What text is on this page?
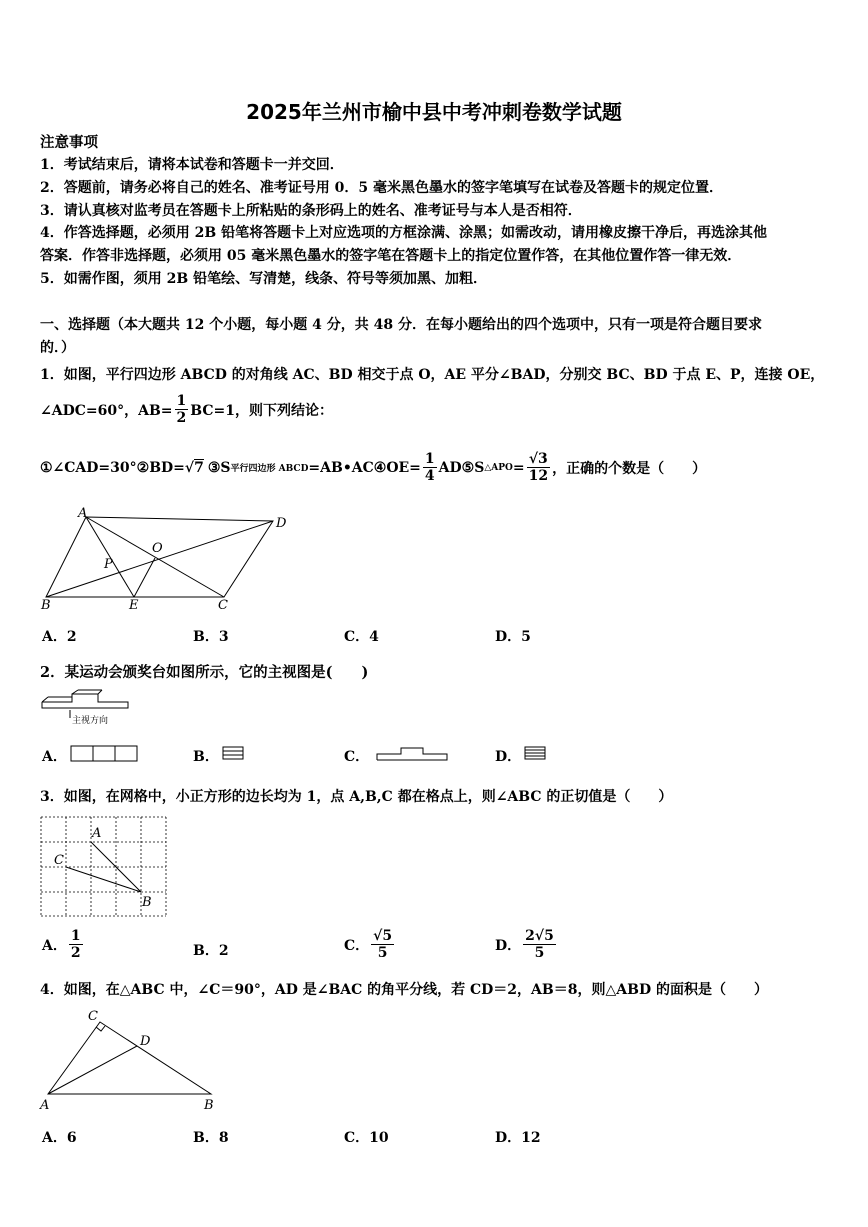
2025年兰州市榆中县中考冲刺卷数学试题
注意事项
1．考试结束后，请将本试卷和答题卡一并交回．
2．答题前，请务必将自己的姓名、准考证号用 0．5 毫米黑色墨水的签字笔填写在试卷及答题卡的规定位置．
3．请认真核对监考员在答题卡上所粘贴的条形码上的姓名、准考证号与本人是否相符．
4．作答选择题，必须用 2B 铅笔将答题卡上对应选项的方框涂满、涂黑；如需改动，请用橡皮擦干净后，再选涂其他
答案．作答非选择题，必须用 05 毫米黑色墨水的签字笔在答题卡上的指定位置作答，在其他位置作答一律无效．
5．如需作图，须用 2B 铅笔绘、写清楚，线条、符号等须加黑、加粗．
一、选择题（本大题共 12 个小题，每小题 4 分，共 48 分．在每小题给出的四个选项中，只有一项是符合题目要求
的．）
1．如图，平行四边形 ABCD 的对角线 AC、BD 相交于点 O，AE 平分∠BAD，分别交 BC、BD 于点 E、P，连接 OE，
∠ADC=60°，$AB= \frac{1}{2} BC=1$，则下列结论：
①∠CAD=30°②BD= √ 7 ③S 平行四边形 ABCD =AB•AC④OE= $\frac{1}{4}$ AD⑤S △APO = $\frac{√3}{12}$ ，正确的个数是（　　）
A
D
B	C
E
O
P
A．2	B．3	C．4	D．5
2．某运动会颁奖台如图所示，它的主视图是(　　)
主视方向
A．	B．	C．	D．
3．如图，在网格中，小正方形的边长均为 1，点 A,B,C 都在格点上，则∠ABC 的正切值是（　　）
A
C
B
A． $\frac{1}{2}$	B．2	C． $\frac{√5}{5}$	D． $\frac{2√5}{5}$
4．如图，在△ABC 中，∠C＝90°，AD 是∠BAC 的角平分线，若 CD＝2，AB＝8，则△ABD 的面积是（　　）
C
D
A	B
A．6	B．8	C．10	D．12
